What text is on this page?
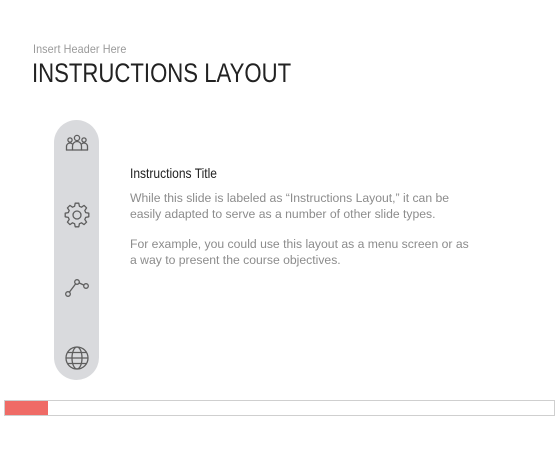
Insert Header Here
INSTRUCTIONS LAYOUT
Instructions Title

While this slide is labeled as “Instructions Layout,” it can be easily adapted to serve as a number of other slide types.

For example, you could use this layout as a menu screen or as a way to present the course objectives.
